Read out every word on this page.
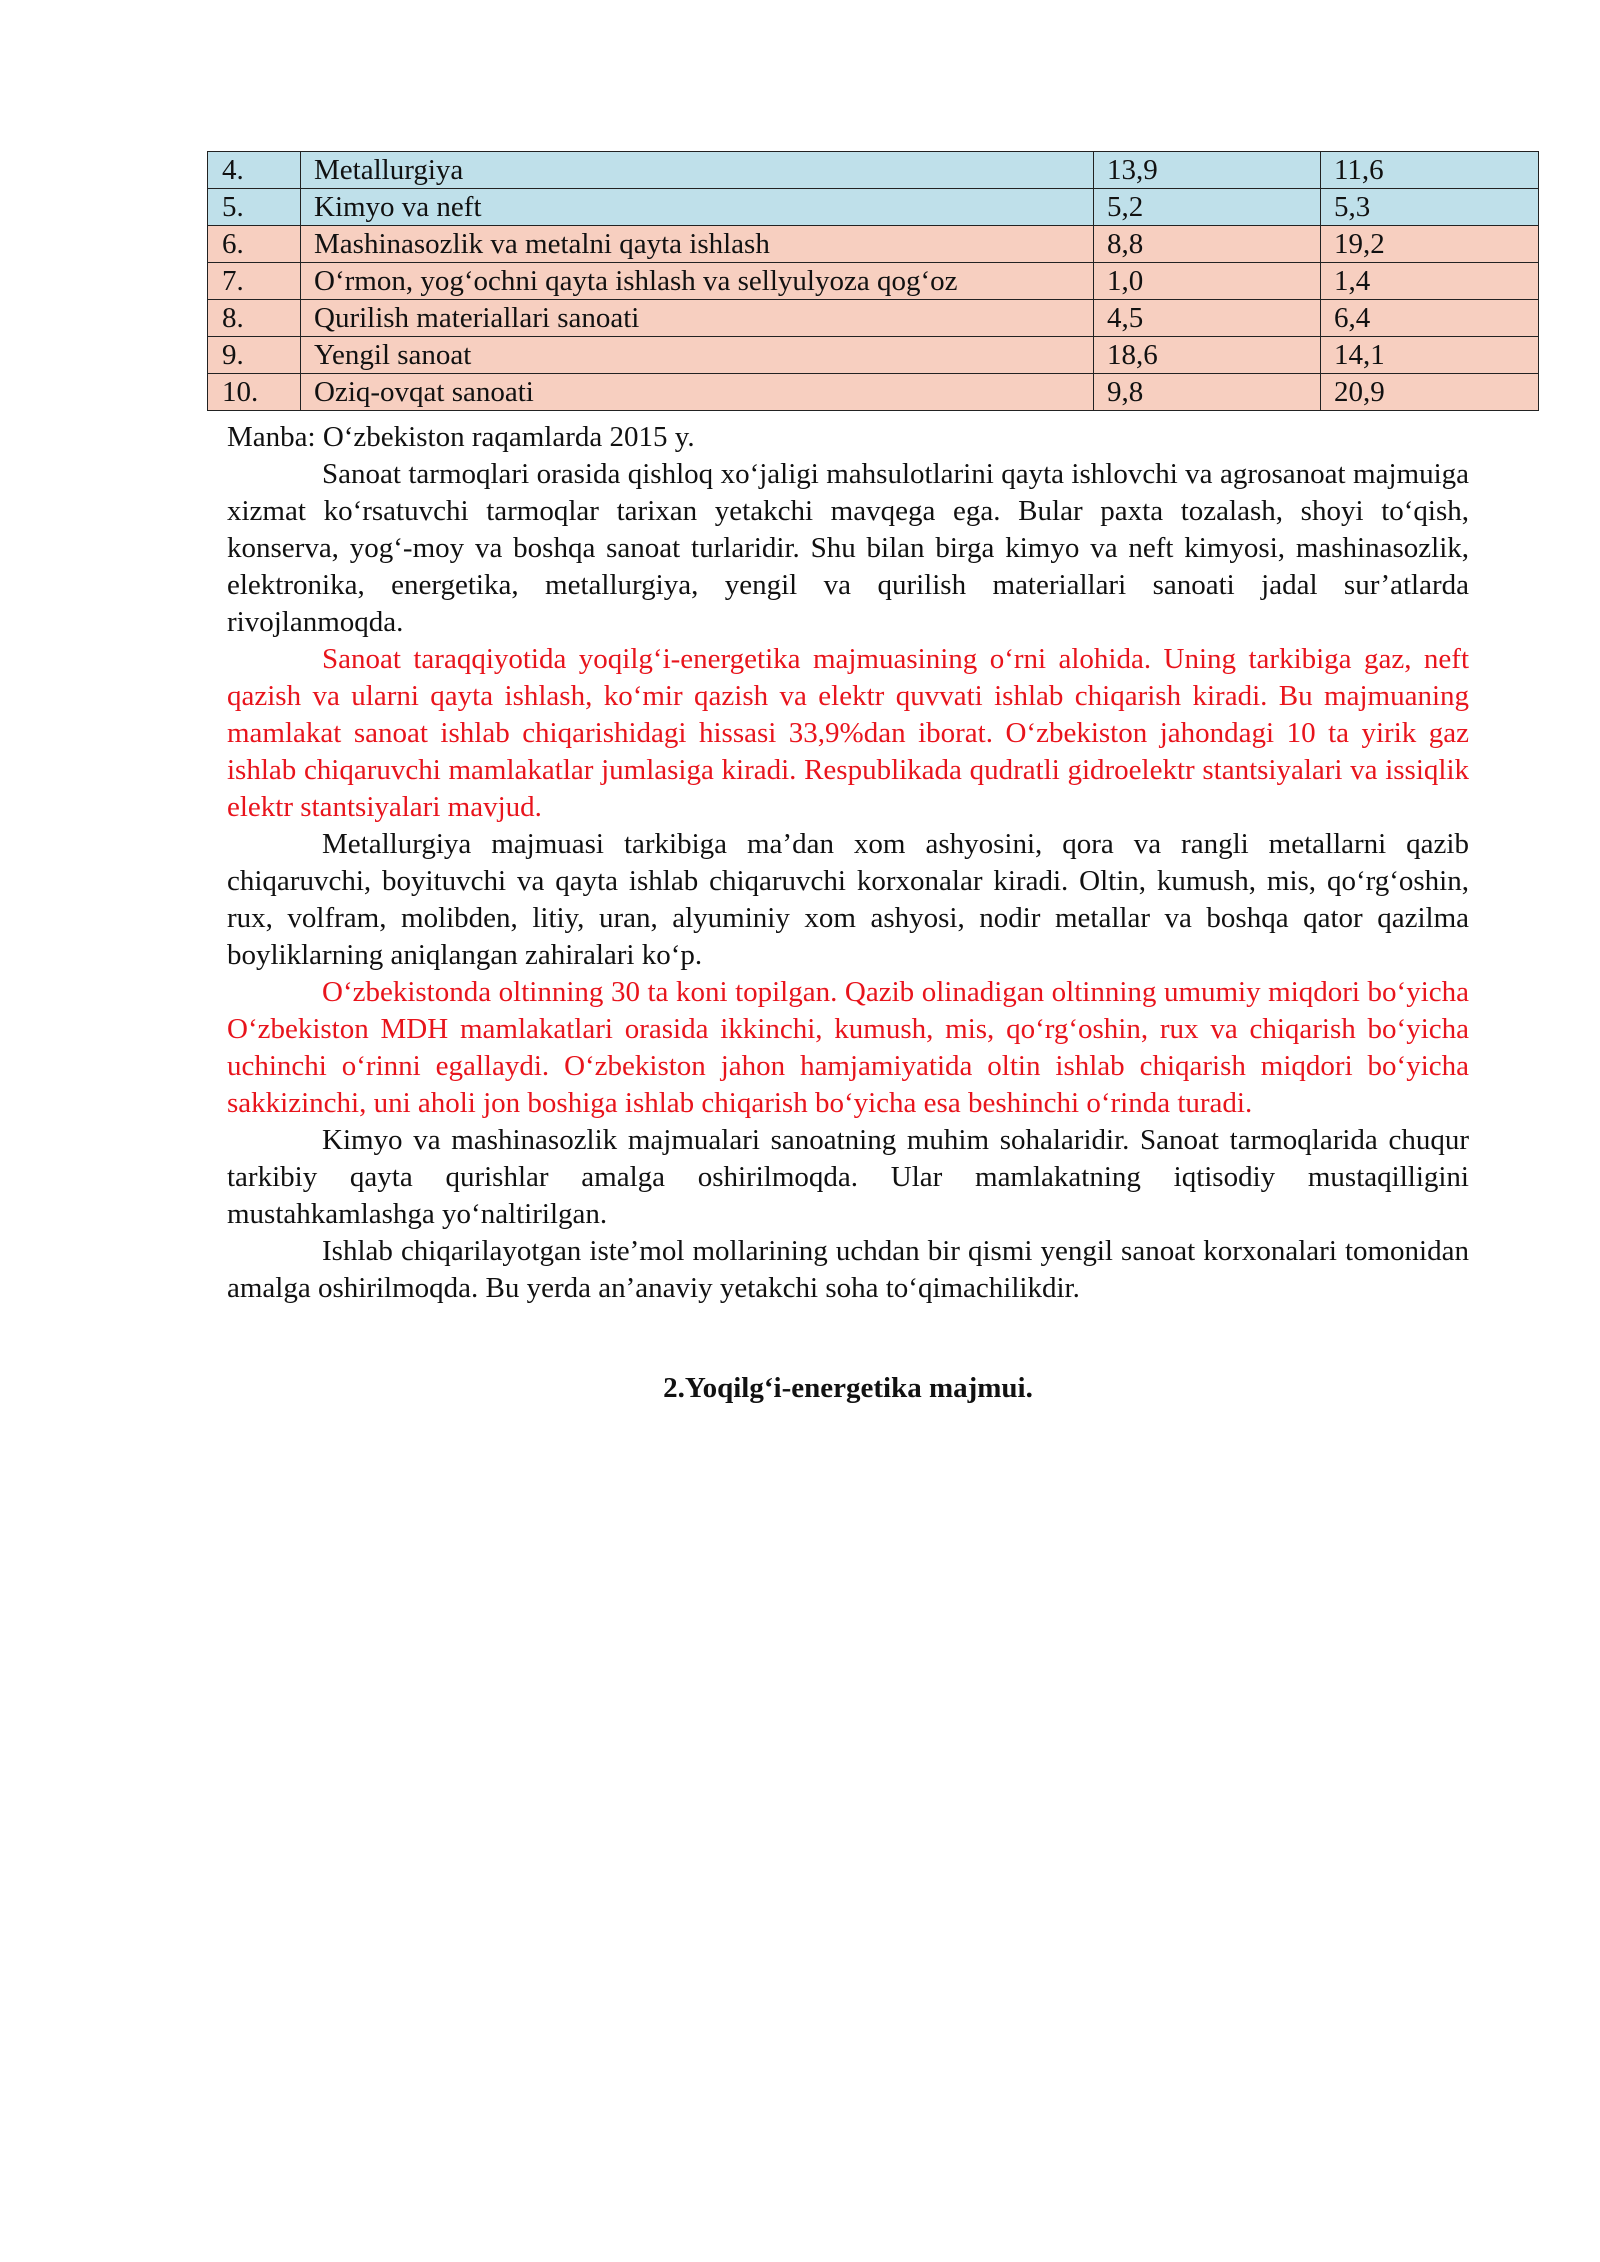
4.	Metallurgiya	13,9	11,6
5.	Kimyo va neft	5,2	5,3
6.	Mashinasozlik va metalni qayta ishlash	8,8	19,2
7.	O‘rmon, yog‘ochni qayta ishlash va sellyulyoza qog‘oz	1,0	1,4
8.	Qurilish materiallari sanoati	4,5	6,4
9.	Yengil sanoat	18,6	14,1
10.	Oziq-ovqat sanoati	9,8	20,9

Manba: O‘zbekiston raqamlarda 2015 y.

Sanoat tarmoqlari orasida qishloq xo‘jaligi mahsulotlarini qayta ishlovchi va agrosanoat majmuiga xizmat ko‘rsatuvchi tarmoqlar tarixan yetakchi mavqega ega. Bular paxta tozalash, shoyi to‘qish, konserva, yog‘-moy va boshqa sanoat turlaridir. Shu bilan birga kimyo va neft kimyosi, mashinasozlik, elektronika, energetika, metallurgiya, yengil va qurilish materiallari sanoati jadal sur’atlarda rivojlanmoqda.

Sanoat taraqqiyotida yoqilg‘i-energetika majmuasining o‘rni alohida. Uning tarkibiga gaz, neft qazish va ularni qayta ishlash, ko‘mir qazish va elektr quvvati ishlab chiqarish kiradi. Bu majmuaning mamlakat sanoat ishlab chiqarishidagi hissasi 33,9%dan iborat. O‘zbekiston jahondagi 10 ta yirik gaz ishlab chiqaruvchi mamlakatlar jumlasiga kiradi. Respublikada qudratli gidroelektr stantsiyalari va issiqlik elektr stantsiyalari mavjud.

Metallurgiya majmuasi tarkibiga ma’dan xom ashyosini, qora va rangli metallarni qazib chiqaruvchi, boyituvchi va qayta ishlab chiqaruvchi korxonalar kiradi. Oltin, kumush, mis, qo‘rg‘oshin, rux, volfram, molibden, litiy, uran, alyuminiy xom ashyosi, nodir metallar va boshqa qator qazilma boyliklarning aniqlangan zahiralari ko‘p.

O‘zbekistonda oltinning 30 ta koni topilgan. Qazib olinadigan oltinning umumiy miqdori bo‘yicha O‘zbekiston MDH mamlakatlari orasida ikkinchi, kumush, mis, qo‘rg‘oshin, rux va chiqarish bo‘yicha uchinchi o‘rinni egallaydi. O‘zbekiston jahon hamjamiyatida oltin ishlab chiqarish miqdori bo‘yicha sakkizinchi, uni aholi jon boshiga ishlab chiqarish bo‘yicha esa beshinchi o‘rinda turadi.

Kimyo va mashinasozlik majmualari sanoatning muhim sohalaridir. Sanoat tarmoqlarida chuqur tarkibiy qayta qurishlar amalga oshirilmoqda. Ular mamlakatning iqtisodiy mustaqilligini mustahkamlashga yo‘naltirilgan.

Ishlab chiqarilayotgan iste’mol mollarining uchdan bir qismi yengil sanoat korxonalari tomonidan amalga oshirilmoqda. Bu yerda an’anaviy yetakchi soha to‘qimachilikdir.

2.Yoqilg‘i-energetika majmui.
